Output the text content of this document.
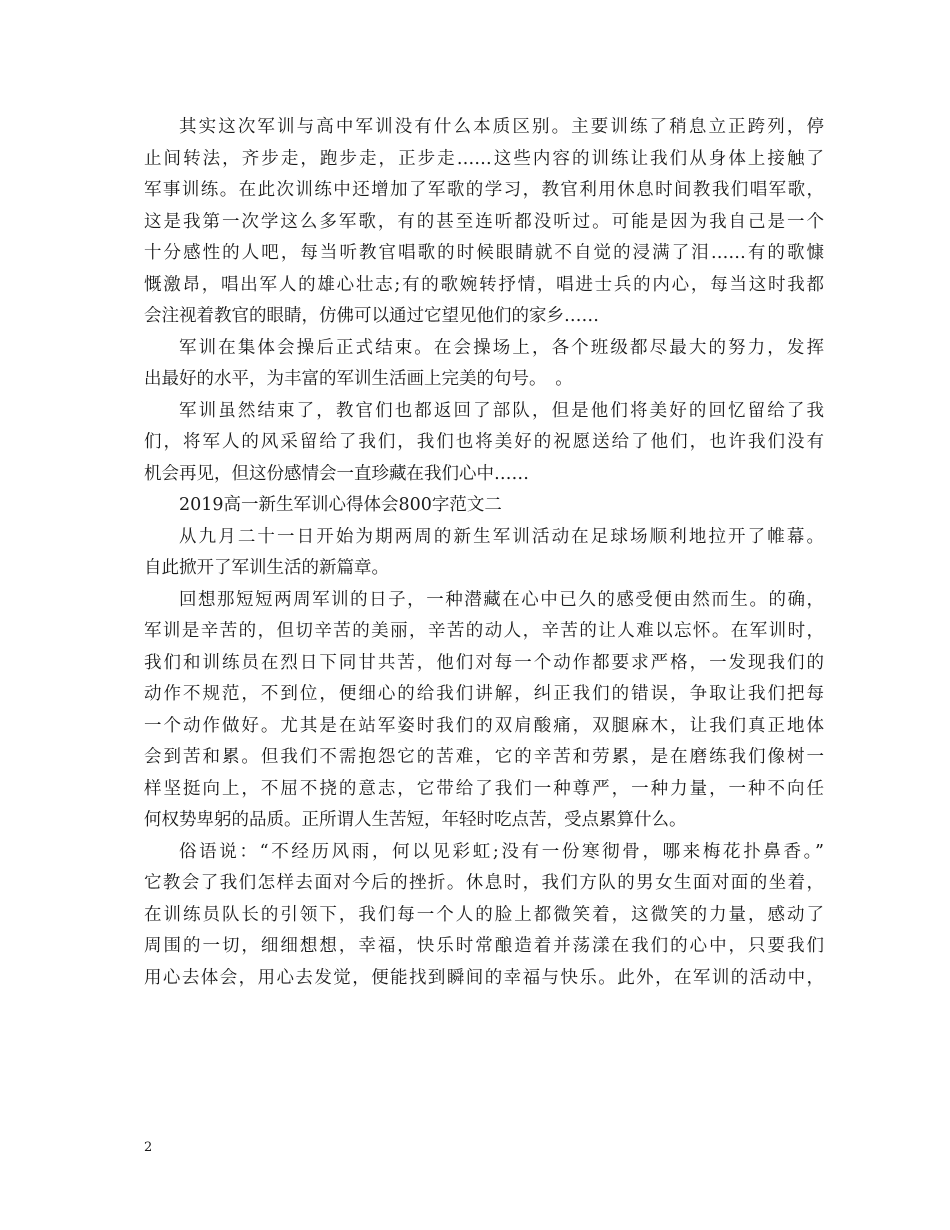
其实这次军训与高中军训没有什么本质区别。主要训练了稍息立正跨列，停
止间转法，齐步走，跑步走，正步走……这些内容的训练让我们从身体上接触了
军事训练。在此次训练中还增加了军歌的学习，教官利用休息时间教我们唱军歌，
这是我第一次学这么多军歌，有的甚至连听都没听过。可能是因为我自己是一个
十分感性的人吧，每当听教官唱歌的时候眼睛就不自觉的浸满了泪……有的歌慷
慨激昂，唱出军人的雄心壮志;有的歌婉转抒情，唱进士兵的内心，每当这时我都
会注视着教官的眼睛，仿佛可以通过它望见他们的家乡……
军训在集体会操后正式结束。在会操场上，各个班级都尽最大的努力，发挥
出最好的水平，为丰富的军训生活画上完美的句号。　。
军训虽然结束了，教官们也都返回了部队，但是他们将美好的回忆留给了我
们，将军人的风采留给了我们，我们也将美好的祝愿送给了他们，也许我们没有
机会再见，但这份感情会一直珍藏在我们心中……
2019高一新生军训心得体会800字范文二
从九月二十一日开始为期两周的新生军训活动在足球场顺利地拉开了帷幕。
自此掀开了军训生活的新篇章。
回想那短短两周军训的日子，一种潜藏在心中已久的感受便由然而生。的确，
军训是辛苦的，但切辛苦的美丽，辛苦的动人，辛苦的让人难以忘怀。在军训时，
我们和训练员在烈日下同甘共苦，他们对每一个动作都要求严格，一发现我们的
动作不规范，不到位，便细心的给我们讲解，纠正我们的错误，争取让我们把每
一个动作做好。尤其是在站军姿时我们的双肩酸痛，双腿麻木，让我们真正地体
会到苦和累。但我们不需抱怨它的苦难，它的辛苦和劳累，是在磨练我们像树一
样坚挺向上，不屈不挠的意志，它带给了我们一种尊严，一种力量，一种不向任
何权势卑躬的品质。正所谓人生苦短，年轻时吃点苦，受点累算什么。
俗语说：“不经历风雨，何以见彩虹;没有一份寒彻骨，哪来梅花扑鼻香。”
它教会了我们怎样去面对今后的挫折。休息时，我们方队的男女生面对面的坐着，
在训练员队长的引领下，我们每一个人的脸上都微笑着，这微笑的力量，感动了
周围的一切，细细想想，幸福，快乐时常酿造着并荡漾在我们的心中，只要我们
用心去体会，用心去发觉，便能找到瞬间的幸福与快乐。此外，在军训的活动中，
2
